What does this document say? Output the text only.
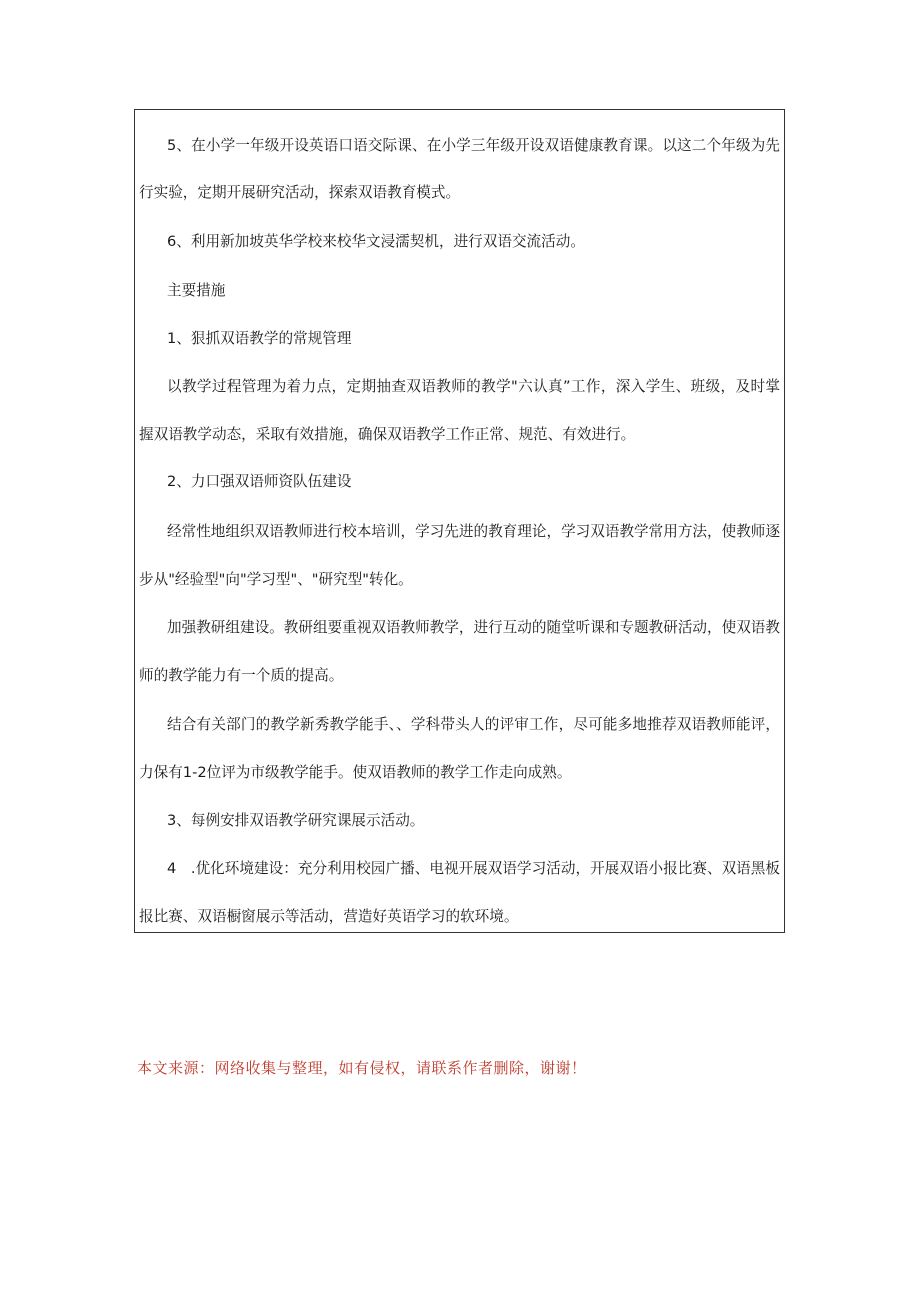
5、在小学一年级开设英语口语交际课、在小学三年级开设双语健康教育课。以这二个年级为先
行实验，定期开展研究活动，探索双语教育模式。
6、利用新加坡英华学校来校华文浸濡契机，进行双语交流活动。
主要措施
1、狠抓双语教学的常规管理
以教学过程管理为着力点，定期抽查双语教师的教学"六认真”工作，深入学生、班级，及时掌
握双语教学动态，采取有效措施，确保双语教学工作正常、规范、有效进行。
2、力口强双语师资队伍建设
经常性地组织双语教师进行校本培训，学习先进的教育理论，学习双语教学常用方法，使教师逐
步从"经验型"向"学习型"、"研究型"转化。
加强教研组建设。教研组要重视双语教师教学，进行互动的随堂听课和专题教研活动，使双语教
师的教学能力有一个质的提高。
结合有关部门的教学新秀教学能手、、学科带头人的评审工作，尽可能多地推荐双语教师能评，
力保有1-2位评为市级教学能手。使双语教师的教学工作走向成熟。
3、每例安排双语教学研究课展示活动。
4　.优化环境建设：充分利用校园广播、电视开展双语学习活动，开展双语小报比赛、双语黑板
报比赛、双语橱窗展示等活动，营造好英语学习的软环境。
本文来源：网络收集与整理，如有侵权，请联系作者删除，谢谢！
